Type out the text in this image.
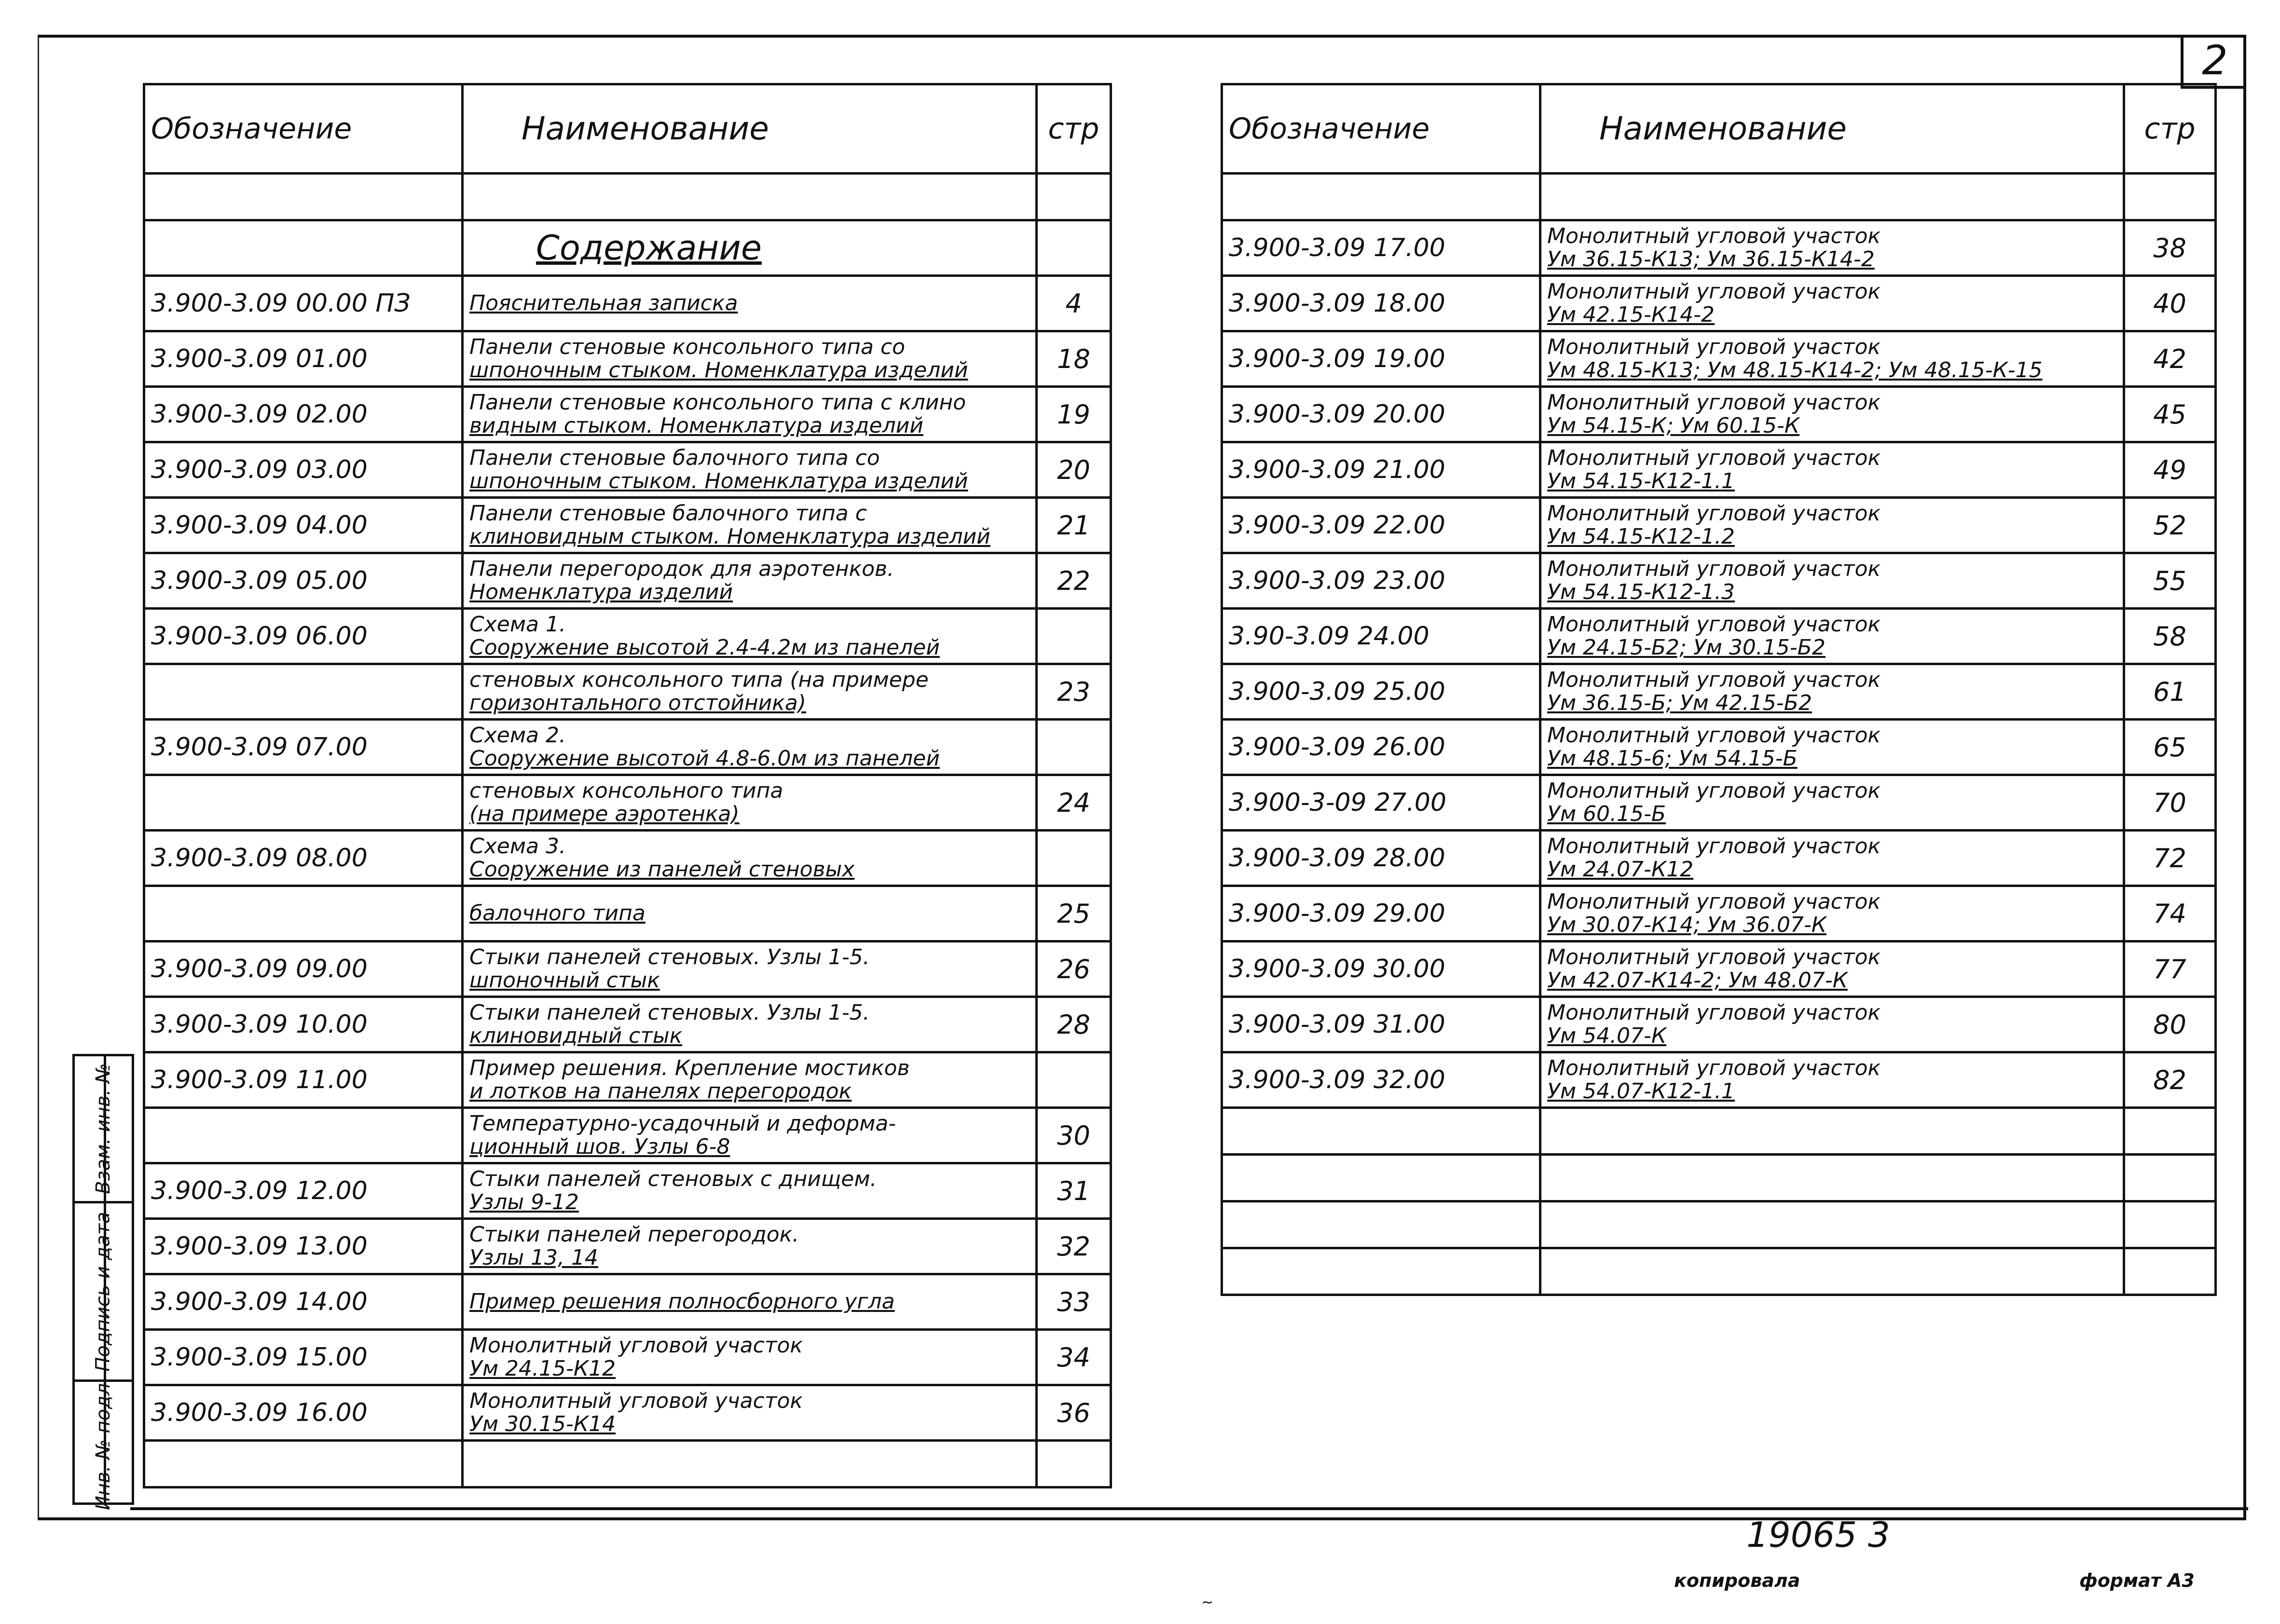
2
Обозначение	Наименование	стр

	Содержание	
3.900-3.09 00.00 ПЗ	Пояснительная записка	4
3.900-3.09 01.00	Панели стеновые консольного типа со
шпоночным стыком. Номенклатура изделий	18
3.900-3.09 02.00	Панели стеновые консольного типа с клино
видным стыком. Номенклатура изделий	19
3.900-3.09 03.00	Панели стеновые балочного типа со
шпоночным стыком. Номенклатура изделий	20
3.900-3.09 04.00	Панели стеновые балочного типа с
клиновидным стыком. Номенклатура изделий	21
3.900-3.09 05.00	Панели перегородок для аэротенков.
Номенклатура изделий	22
3.900-3.09 06.00	Схема 1.
Сооружение высотой 2.4-4.2м из панелей	

	стеновых консольного типа (на примере
горизонтального отстойника)	23
3.900-3.09 07.00	Схема 2.
Сооружение высотой 4.8-6.0м из панелей	

	стеновых консольного типа
(на примере аэротенка)	24
3.900-3.09 08.00	Схема 3.
Сооружение из панелей стеновых	

	балочного типа	25
3.900-3.09 09.00	Стыки панелей стеновых. Узлы 1-5.
шпоночный стык	26
3.900-3.09 10.00	Стыки панелей стеновых. Узлы 1-5.
клиновидный стык	28
3.900-3.09 11.00	Пример решения. Крепление мостиков
и лотков на панелях перегородок	

	Температурно-усадочный и деформа-
ционный шов. Узлы 6-8	30
3.900-3.09 12.00	Стыки панелей стеновых с днищем.
Узлы 9-12	31
3.900-3.09 13.00	Стыки панелей перегородок.
Узлы 13, 14	32
3.900-3.09 14.00	Пример решения полносборного угла	33
3.900-3.09 15.00	Монолитный угловой участок
Ум 24.15-К12	34
3.900-3.09 16.00	Монолитный угловой участок
Ум 30.15-К14	36

Обозначение	Наименование	стр

3.900-3.09 17.00	Монолитный угловой участок
Ум 36.15-К13; Ум 36.15-К14-2	38
3.900-3.09 18.00	Монолитный угловой участок
Ум 42.15-К14-2	40
3.900-3.09 19.00	Монолитный угловой участок
Ум 48.15-К13; Ум 48.15-К14-2; Ум 48.15-К-15	42
3.900-3.09 20.00	Монолитный угловой участок
Ум 54.15-К; Ум 60.15-К	45
3.900-3.09 21.00	Монолитный угловой участок
Ум 54.15-К12-1.1	49
3.900-3.09 22.00	Монолитный угловой участок
Ум 54.15-К12-1.2	52
3.900-3.09 23.00	Монолитный угловой участок
Ум 54.15-К12-1.3	55
3.90-3.09 24.00	Монолитный угловой участок
Ум 24.15-Б2; Ум 30.15-Б2	58
3.900-3.09 25.00	Монолитный угловой участок
Ум 36.15-Б; Ум 42.15-Б2	61
3.900-3.09 26.00	Монолитный угловой участок
Ум 48.15-6; Ум 54.15-Б	65
3.900-3-09 27.00	Монолитный угловой участок
Ум 60.15-Б	70
3.900-3.09 28.00	Монолитный угловой участок
Ум 24.07-К12	72
3.900-3.09 29.00	Монолитный угловой участок
Ум 30.07-К14; Ум 36.07-К	74
3.900-3.09 30.00	Монолитный угловой участок
Ум 42.07-К14-2; Ум 48.07-К	77
3.900-3.09 31.00	Монолитный угловой участок
Ум 54.07-К	80
3.900-3.09 32.00	Монолитный угловой участок
Ум 54.07-К12-1.1	82

Взам. инв. №
Подпись и дата
Инв. № подл.
19065 3
копировала	формат А3
~
